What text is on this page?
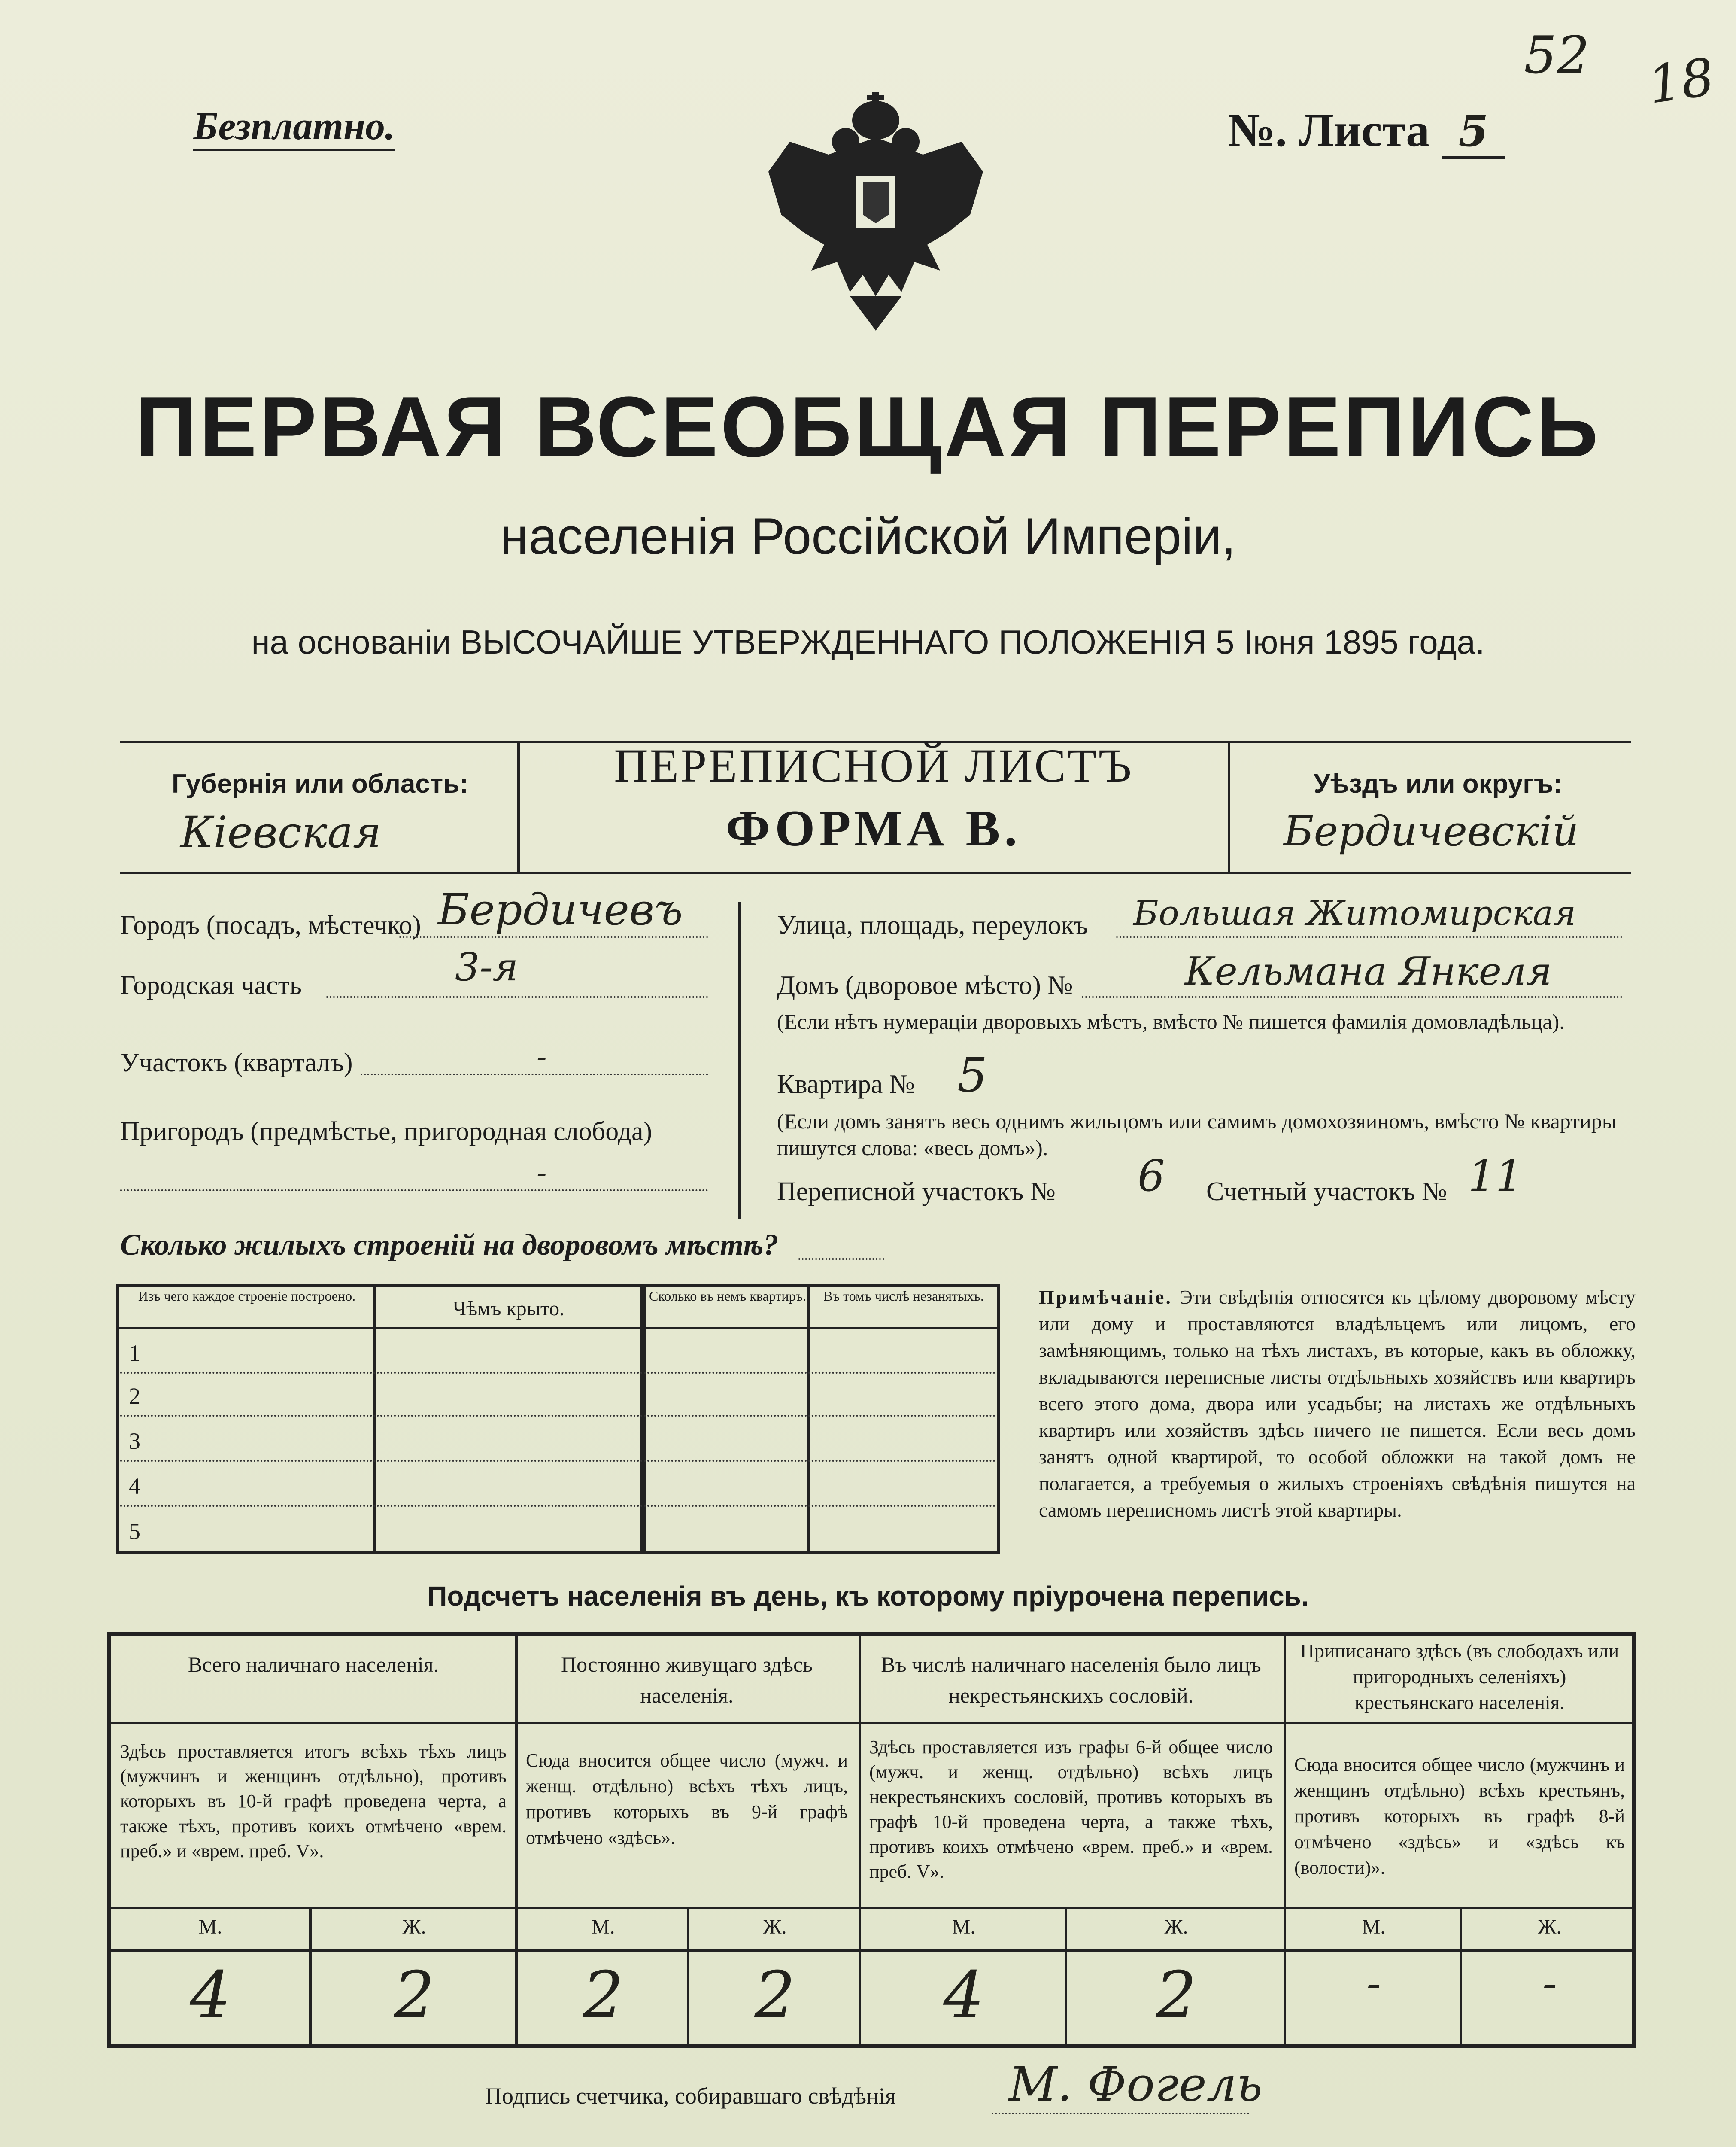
52 18
Безплатно.	№. Листа 5
ПЕРВАЯ ВСЕОБЩАЯ ПЕРЕПИСЬ
населенія Россійской Имперіи,
на основаніи ВЫСОЧАЙШЕ УТВЕРЖДЕННАГО ПОЛОЖЕНІЯ 5 Іюня 1895 года.
Губернія или область:
Кіевская
ПЕРЕПИСНОЙ ЛИСТЪ
ФОРМА В.
Уѣздъ или округъ:
Бердичевскій
Городъ (посадъ, мѣстечко) Бердичевъ
Городская часть	3-я
Участокъ (кварталъ)	-
Пригородъ (предмѣстье, пригородная слобода)
-
Улица, площадь, переулокъ Большая Житомирская
Домъ (дворовое мѣсто) №	Кельмана Янкеля
(Если нѣтъ нумераціи дворовыхъ мѣстъ, вмѣсто № пишется фамилія домовладѣльца).
Квартира № 5
(Если домъ занятъ весь однимъ жильцомъ или самимъ домохозяиномъ, вмѣсто № квартиры пишутся слова: «весь домъ»).
Переписной участокъ № 6 Счетный участокъ № 11
Сколько жилыхъ строеній на дворовомъ мѣстѣ?
Изъ чего каждое строеніе построено.
Чѣмъ крыто.
Сколько въ немъ квартиръ.	Въ томъ числѣ незанятыхъ.
1
2
3
4
5
Примѣчаніе. Эти свѣдѣнія относятся къ цѣлому дворовому мѣсту или дому и проставляются владѣльцемъ или лицомъ, его замѣняющимъ, только на тѣхъ листахъ, въ которые, какъ въ обложку, вкладываются переписные листы отдѣльныхъ хозяйствъ или квартиръ всего этого дома, двора или усадьбы; на листахъ же отдѣльныхъ квартиръ или хозяйствъ здѣсь ничего не пишется. Если весь домъ занятъ одной квартирой, то особой обложки на такой домъ не полагается, а требуемыя о жилыхъ строеніяхъ свѣдѣнія пишутся на самомъ переписномъ листѣ этой квартиры.
Подсчетъ населенія въ день, къ которому пріурочена перепись.
Всего наличнаго населенія.
Здѣсь проставляется итогъ всѣхъ тѣхъ лицъ (мужчинъ и женщинъ отдѣльно), противъ которыхъ въ 10-й графѣ проведена черта, а также тѣхъ, противъ коихъ отмѣчено «врем. преб.» и «врем. преб. V».
М.	Ж.
4	2
Постоянно живущаго здѣсь населенія.
Сюда вносится общее число (мужч. и женщ. отдѣльно) всѣхъ тѣхъ лицъ, противъ которыхъ въ 9-й графѣ отмѣчено «здѣсь».
М.	Ж.
2	2
Въ числѣ наличнаго населенія было лицъ некрестьянскихъ сословій.
Здѣсь проставляется изъ графы 6-й общее число (мужч. и женщ. отдѣльно) всѣхъ лицъ некрестьянскихъ сословій, противъ которыхъ въ графѣ 10-й проведена черта, а также тѣхъ, противъ коихъ отмѣчено «врем. преб.» и «врем. преб. V».
М.	Ж.
4	2
Приписанаго здѣсь (въ слободахъ или пригородныхъ селеніяхъ) крестьянскаго населенія.
Сюда вносится общее число (мужчинъ и женщинъ отдѣльно) всѣхъ крестьянъ, противъ которыхъ въ графѣ 8-й отмѣчено «здѣсь» и «здѣсь къ (волости)».
М.	Ж.
-	-
Подпись счетчика, собиравшаго свѣдѣнія М. Фогель
